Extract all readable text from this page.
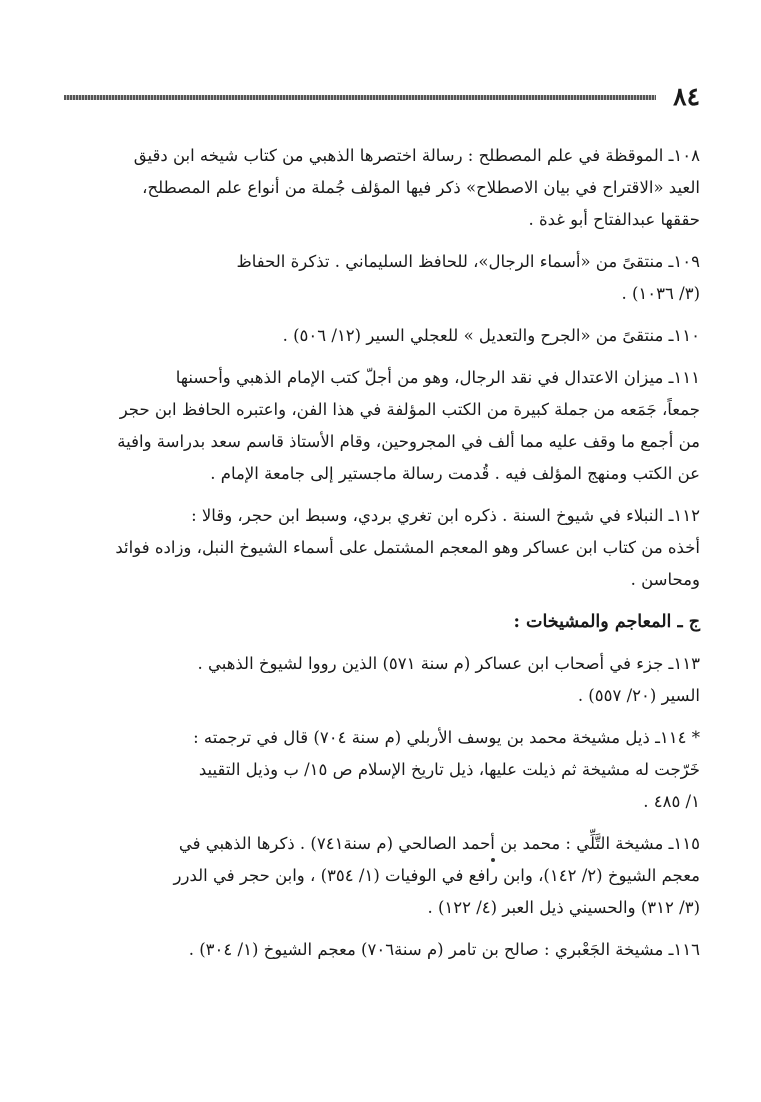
٨٤
١٠٨ـ الموقظة في علم المصطلح : رسالة اختصرها الذهبي من كتاب شيخه ابن دقيق
العيد «الاقتراح في بيان الاصطلاح» ذكر فيها المؤلف جُملة من أنواع علم المصطلح،
حققها عبدالفتاح أبو غدة .
١٠٩ـ منتقىً من «أسماء الرجال»، للحافظ السليماني . تذكرة الحفاظ
(٣/ ١٠٣٦) .
١١٠ـ منتقىً من «الجرح والتعديل » للعجلي السير (١٢/ ٥٠٦) .
١١١ـ ميزان الاعتدال في نقد الرجال، وهو من أجلّ كتب الإمام الذهبي وأحسنها
جمعاً، جَمَعه من جملة كبيرة من الكتب المؤلفة في هذا الفن، واعتبره الحافظ ابن حجر
من أجمع ما وقف عليه مما ألف في المجروحين، وقام الأستاذ قاسم سعد بدراسة وافية
عن الكتب ومنهج المؤلف فيه . قُدمت رسالة ماجستير إلى جامعة الإمام .
١١٢ـ النبلاء في شيوخ السنة . ذكره ابن تغري بردي، وسبط ابن حجر، وقالا :
أخذه من كتاب ابن عساكر وهو المعجم المشتمل على أسماء الشيوخ النبل، وزاده فوائد
ومحاسن .
ج ـ المعاجم والمشيخات :
١١٣ـ جزء في أصحاب ابن عساكر (م سنة ٥٧١) الذين رووا لشيوخ الذهبي .
السير (٢٠/ ٥٥٧) .
* ١١٤ـ ذيل مشيخة محمد بن يوسف الأربلي (م سنة ٧٠٤) قال في ترجمته :
خَرّجت له مشيخة ثم ذيلت عليها، ذيل تاريخ الإسلام ص ١٥/ ب وذيل التقييد
١/ ٤٨٥ .
١١٥ـ مشيخة التَّلِّي : محمد بن أحمد الصالحي (م سنة٧٤١) . ذكرها الذهبي في
معجم الشيوخ (٢/ ١٤٢)، وابن رافع في الوفيات (١/ ٣٥٤) ، وابن حجر في الدرر
(٣/ ٣١٢) والحسيني ذيل العبر (٤/ ١٢٢) .
١١٦ـ مشيخة الجَعْبري : صالح بن تامر (م سنة٧٠٦) معجم الشيوخ (١/ ٣٠٤) .
